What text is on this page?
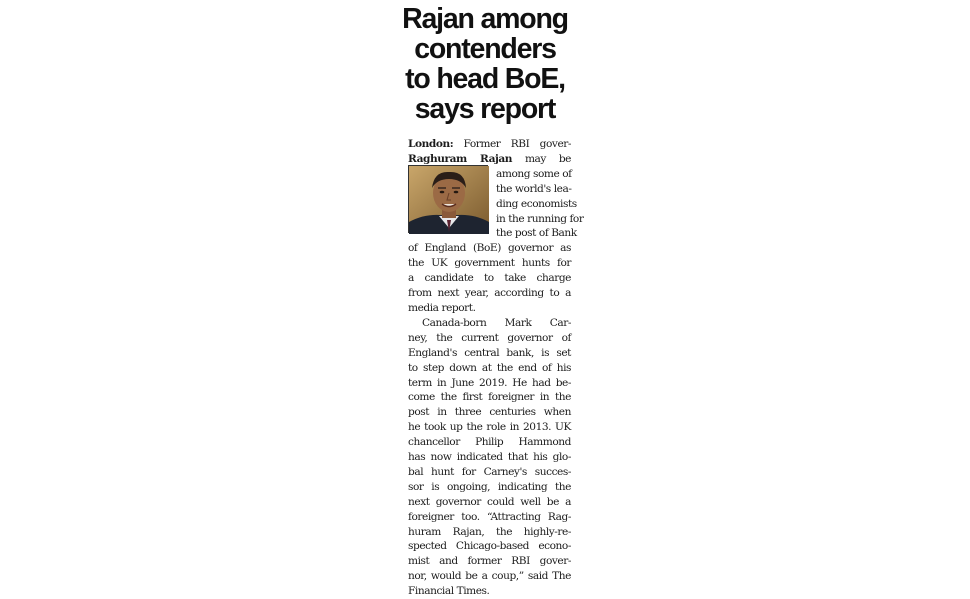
Rajan among
contenders
to head BoE,
says report
London: Former RBI gover-
Raghuram Rajan may be
among some of
the world's lea-
ding economists
in the running for
the post of Bank
of England (BoE) governor as
the UK government hunts for
a candidate to take charge
from next year, according to a
media report.
Canada-born Mark Car-
ney, the current governor of
England's central bank, is set
to step down at the end of his
term in June 2019. He had be-
come the first foreigner in the
post in three centuries when
he took up the role in 2013. UK
chancellor Philip Hammond
has now indicated that his glo-
bal hunt for Carney's succes-
sor is ongoing, indicating the
next governor could well be a
foreigner too. “Attracting Rag-
huram Rajan, the highly-re-
spected Chicago-based econo-
mist and former RBI gover-
nor, would be a coup,” said The
Financial Times.
